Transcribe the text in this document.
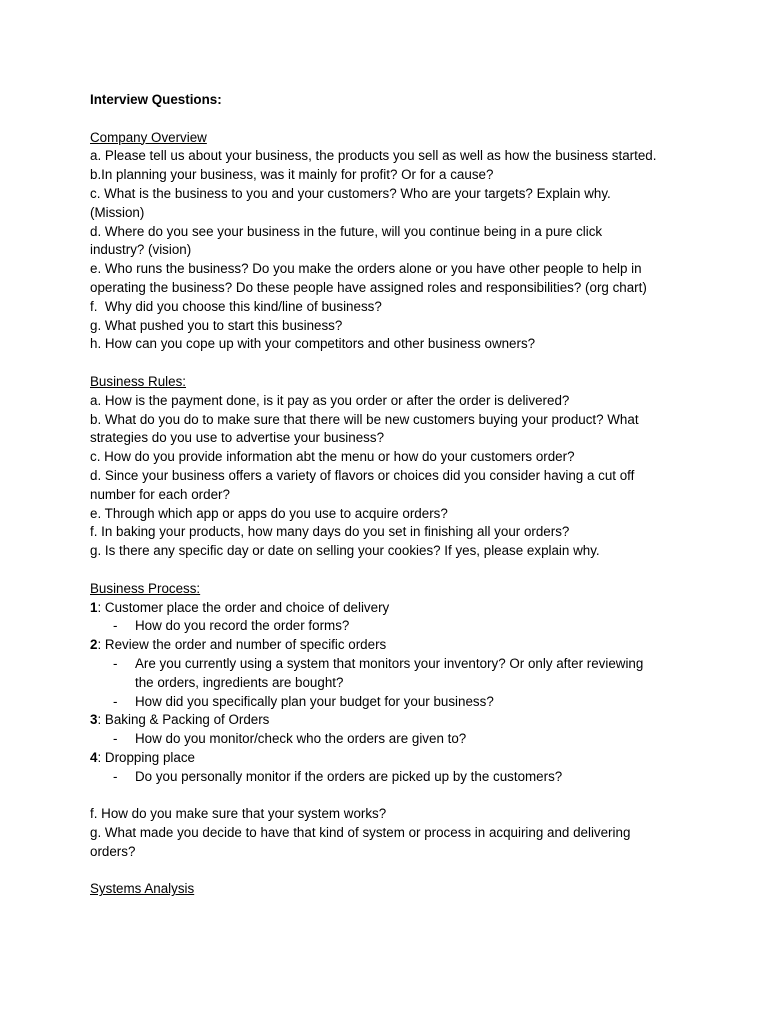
Interview Questions:

Company Overview

a. Please tell us about your business, the products you sell as well as how the business started.

b.In planning your business, was it mainly for profit? Or for a cause?

c. What is the business to you and your customers? Who are your targets? Explain why.

(Mission)

d. Where do you see your business in the future, will you continue being in a pure click

industry? (vision)

e. Who runs the business? Do you make the orders alone or you have other people to help in

operating the business? Do these people have assigned roles and responsibilities? (org chart)

f.  Why did you choose this kind/line of business?

g. What pushed you to start this business?

h. How can you cope up with your competitors and other business owners?

Business Rules:

a. How is the payment done, is it pay as you order or after the order is delivered?

b. What do you do to make sure that there will be new customers buying your product? What

strategies do you use to advertise your business?

c. How do you provide information abt the menu or how do your customers order?

d. Since your business offers a variety of flavors or choices did you consider having a cut off

number for each order?

e. Through which app or apps do you use to acquire orders?

f. In baking your products, how many days do you set in finishing all your orders?

g. Is there any specific day or date on selling your cookies? If yes, please explain why.

Business Process:

1: Customer place the order and choice of delivery

- How do you record the order forms?

2: Review the order and number of specific orders

- Are you currently using a system that monitors your inventory? Or only after reviewing

the orders, ingredients are bought?

- How did you specifically plan your budget for your business?

3: Baking & Packing of Orders

- How do you monitor/check who the orders are given to?

4: Dropping place

- Do you personally monitor if the orders are picked up by the customers?

f. How do you make sure that your system works?

g. What made you decide to have that kind of system or process in acquiring and delivering

orders?

Systems Analysis
